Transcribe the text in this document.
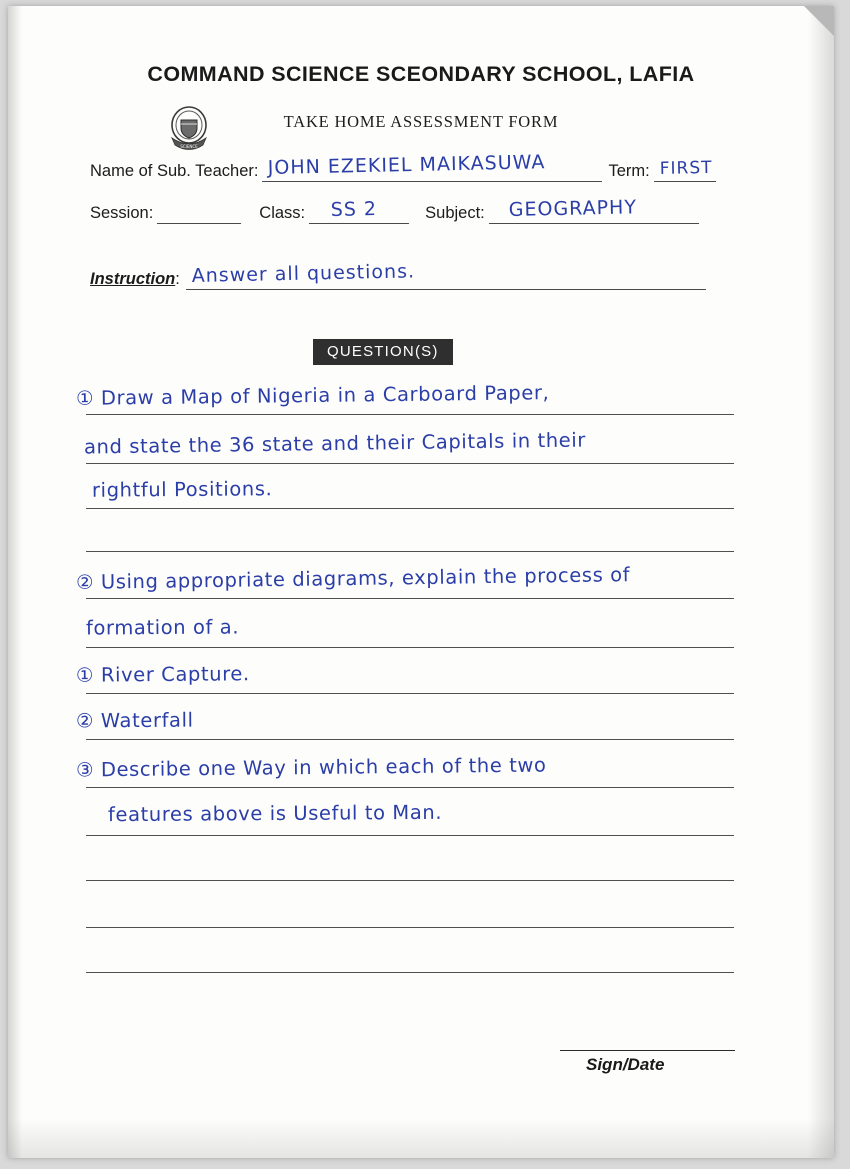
COMMAND SCIENCE SCEONDARY SCHOOL, LAFIA
SCIENCE
TAKE HOME ASSESSMENT FORM
Name of Sub. Teacher: JOHN EZEKIEL MAIKASUWA	Term: FIRST
Session:	Class: SS 2	Subject: GEOGRAPHY
Instruction : Answer all questions.
QUESTION(S)
① Draw a Map of Nigeria in a Carboard Paper,
and state the 36 state and their Capitals in their
rightful Positions.
② Using appropriate diagrams, explain the process of
formation of a.
① River Capture.
② Waterfall
③ Describe one Way in which each of the two
features above is Useful to Man.
Sign/Date
